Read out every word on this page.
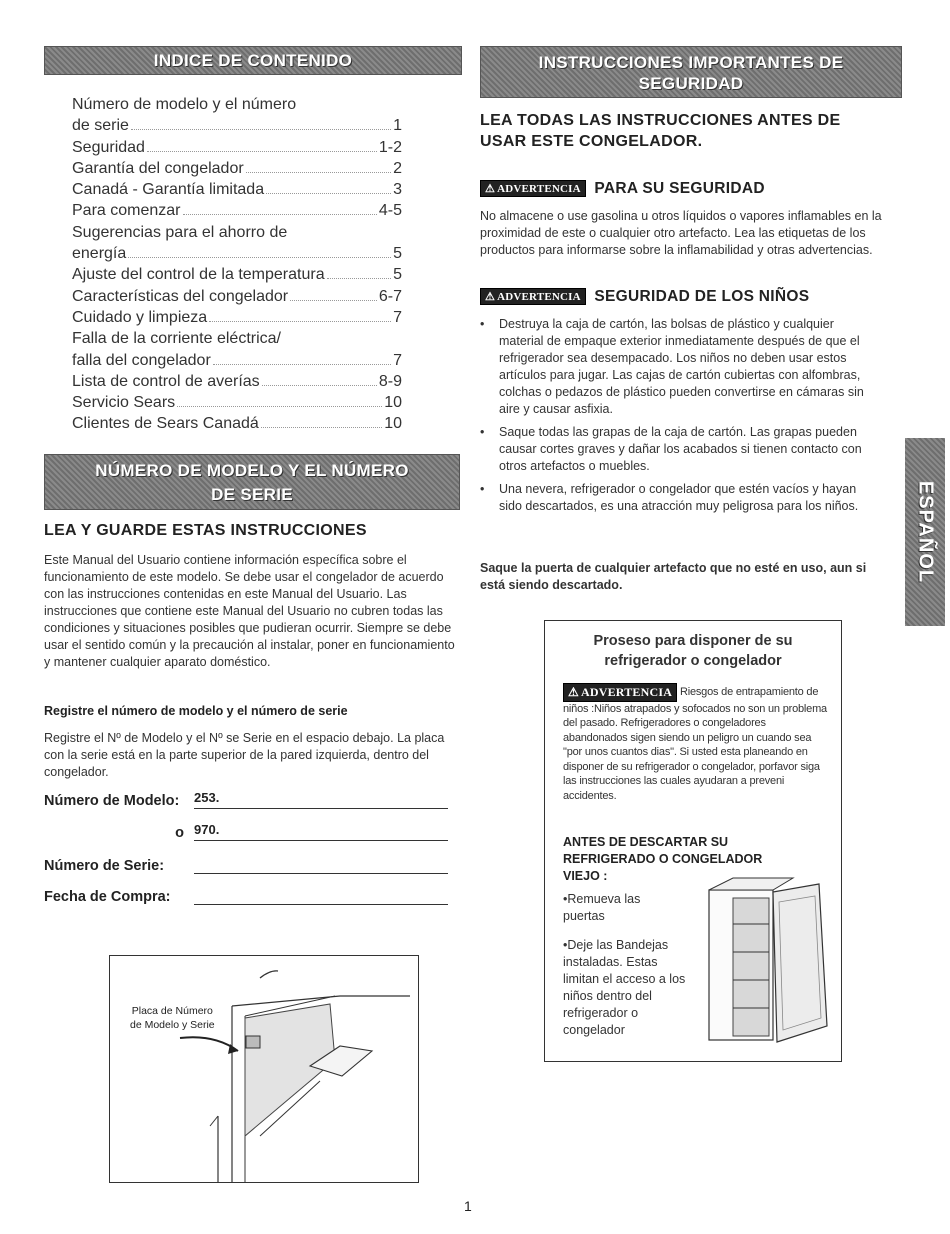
INDICE DE CONTENIDO
Número de modelo y el número
de serie	1
Seguridad	1-2
Garantía del congelador	2
Canadá - Garantía limitada	3
Para comenzar	4-5
Sugerencias para el ahorro de
energía	5
Ajuste del control de la temperatura	5
Características del congelador	6-7
Cuidado y limpieza	7
Falla de la corriente eléctrica/
falla del congelador	7
Lista de control de averías	8-9
Servicio Sears	10
Clientes de Sears Canadá	10
NÚMERO DE MODELO Y EL NÚMERO
DE SERIE
LEA Y GUARDE ESTAS INSTRUCCIONES
Este Manual del Usuario contiene información específica sobre el funcionamiento de este modelo. Se debe usar el congelador de acuerdo con las instrucciones contenidas en este Manual del Usuario. Las instrucciones que contiene este Manual del Usuario no cubren todas las condiciones y situaciones posibles que pudieran ocurrir. Siempre se debe usar el sentido común y la precaución al instalar, poner en funcionamiento y mantener cualquier aparato doméstico.
Registre el número de modelo y el número de serie
Registre el Nº de Modelo y el Nº se Serie en el espacio debajo. La placa con la serie está en la parte superior de la pared izquierda, dentro del congelador.
Número de Modelo:	253.
o 970.
Número de Serie:
Fecha de Compra:
Placa de Número
de Modelo y Serie
INSTRUCCIONES IMPORTANTES DE
SEGURIDAD
LEA TODAS LAS INSTRUCCIONES ANTES DE
USAR ESTE CONGELADOR.
⚠ ADVERTENCIA PARA SU SEGURIDAD
No almacene o use gasolina u otros líquidos o vapores inflamables en la proximidad de este o cualquier otro artefacto. Lea las etiquetas de los productos para informarse sobre la inflamabilidad y otras advertencias.
⚠ ADVERTENCIA SEGURIDAD DE LOS NIÑOS
• Destruya la caja de cartón, las bolsas de plástico y cualquier material de empaque exterior inmediatamente después de que el refrigerador sea desempacado. Los niños no deben usar estos artículos para jugar. Las cajas de cartón cubiertas con alfombras, colchas o pedazos de plástico pueden convertirse en cámaras sin aire y causar asfixia.
• Saque todas las grapas de la caja de cartón. Las grapas pueden causar cortes graves y dañar los acabados si tienen contacto con otros artefactos o muebles.
• Una nevera, refrigerador o congelador que estén vacíos y hayan sido descartados, es una atracción muy peligrosa para los niños.
Saque la puerta de cualquier artefacto que no esté en uso, aun si está siendo descartado.
Proseso para disponer de su
refrigerador o congelador
⚠ ADVERTENCIA Riesgos de entrapamiento de niños :Niños atrapados y sofocados no son un problema del pasado. Refrigeradores o congeladores abandonados sigen siendo un peligro un cuando sea "por unos cuantos dias". Si usted esta planeando en disponer de su refrigerador o congelador, porfavor siga las instrucciones las cuales ayudaran a preveni accidentes.
ANTES DE DESCARTAR SU
REFRIGERADO O CONGELADOR
VIEJO :
•Remueva las puertas
•Deje las Bandejas instaladas. Estas limitan el acceso a los niños dentro del refrigerador o congelador
ESPAÑOL
1
